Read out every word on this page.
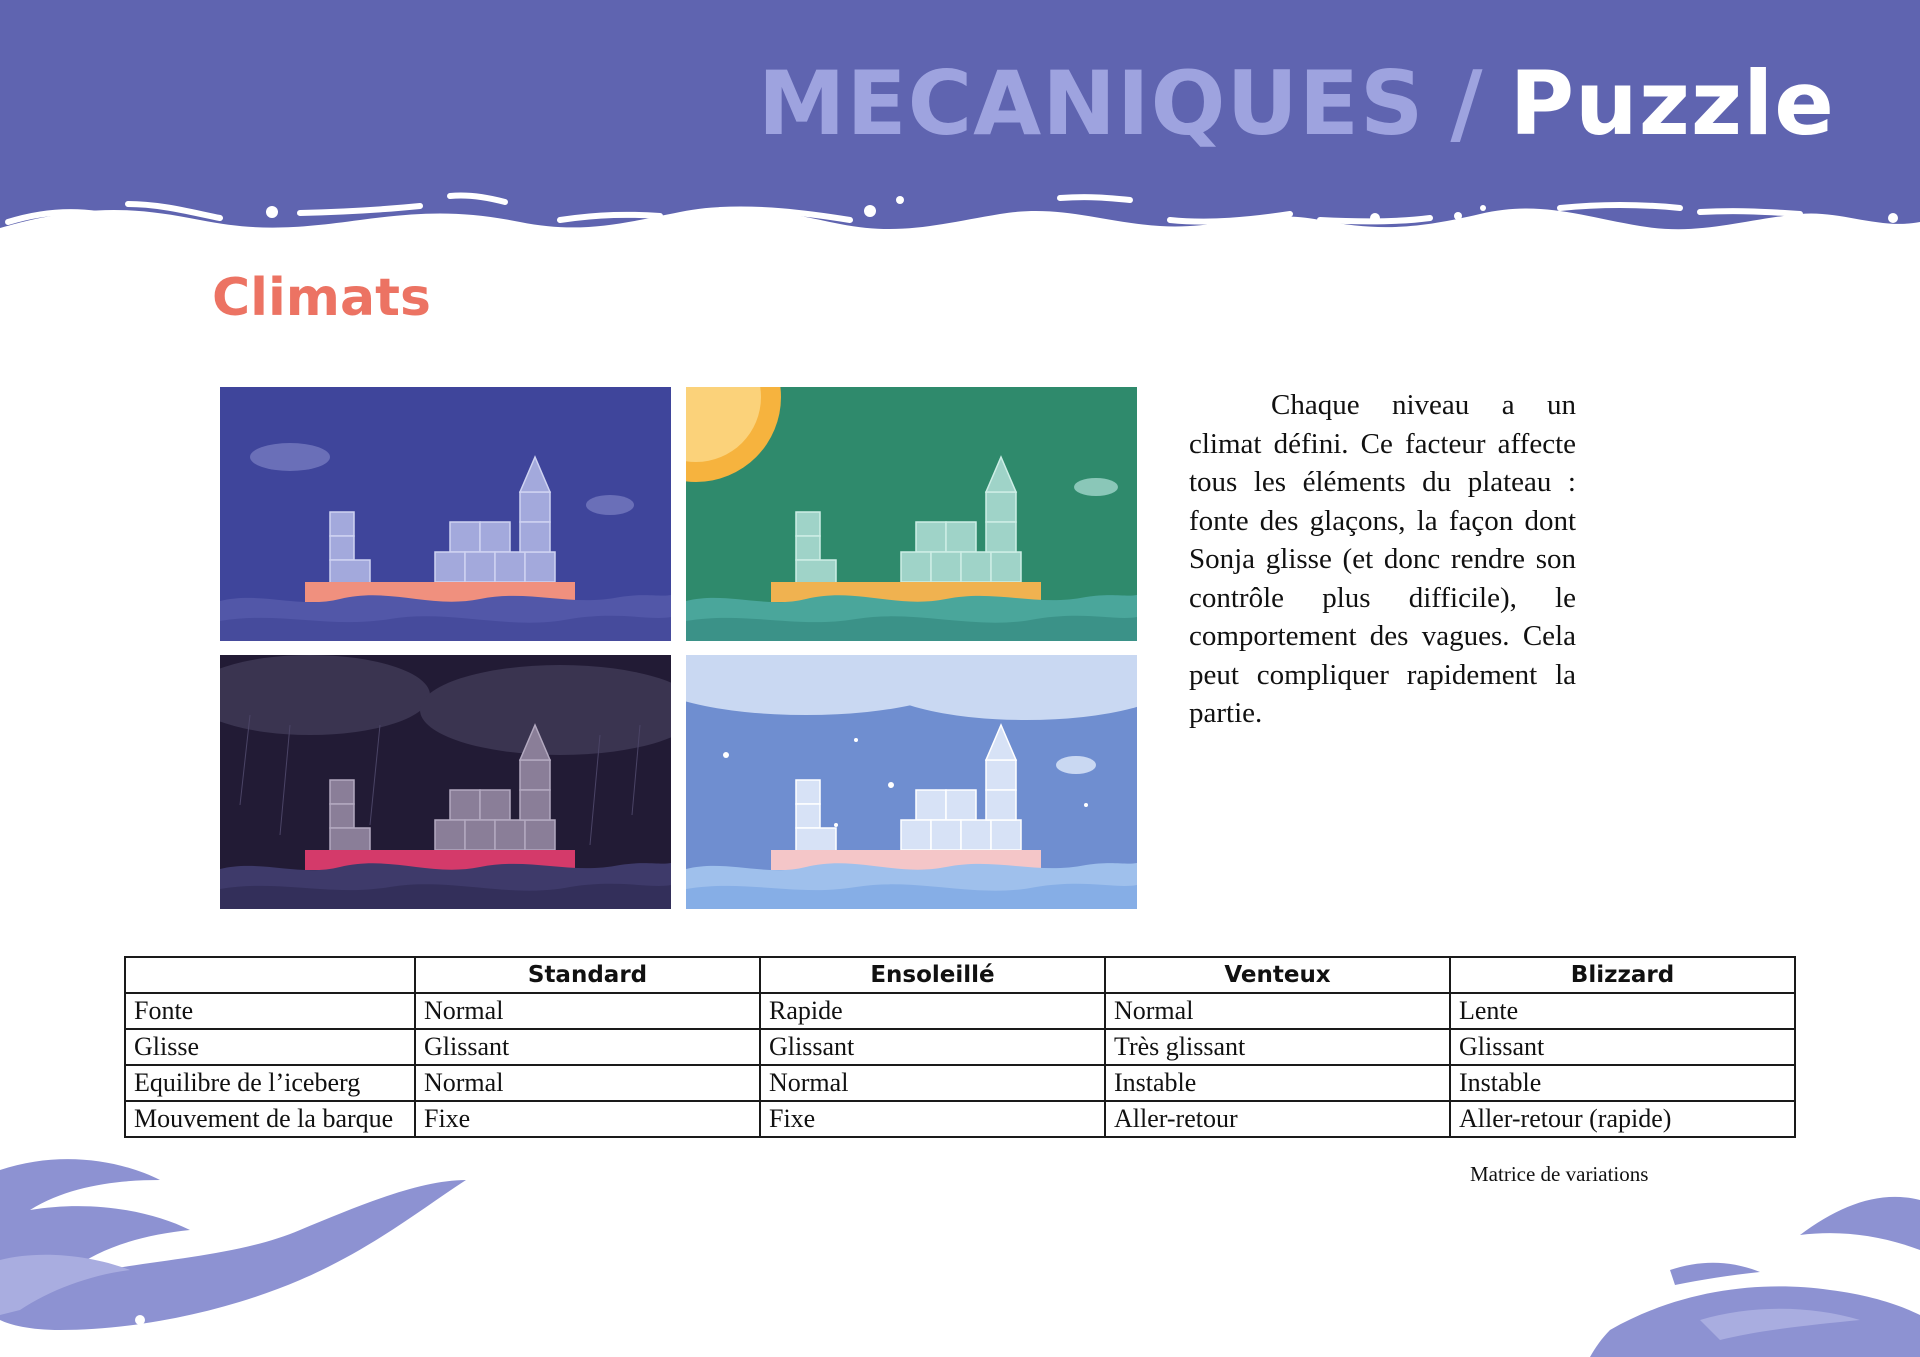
MECANIQUES / Puzzle
Climats

Chaque niveau a un climat défini. Ce facteur affecte tous les éléments du plateau : fonte des glaçons, la façon dont Sonja glisse (et donc rendre son contrôle plus difficile), le comportement des vagues. Cela peut compliquer rapidement la partie.

	Standard	Ensoleillé	Venteux	Blizzard
Fonte	Normal	Rapide	Normal	Lente
Glisse	Glissant	Glissant	Très glissant	Glissant
Equilibre de l’iceberg	Normal	Normal	Instable	Instable
Mouvement de la barque	Fixe	Fixe	Aller-retour	Aller-retour (rapide)
Matrice de variations
